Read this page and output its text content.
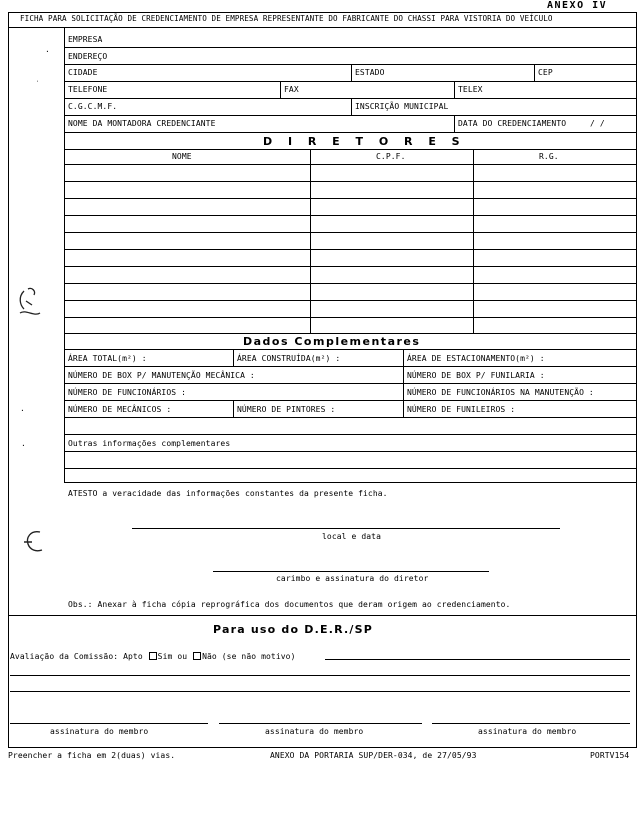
ANEXO IV
FICHA PARA SOLICITAÇÃO DE CREDENCIAMENTO DE EMPRESA REPRESENTANTE DO FABRICANTE DO CHASSI PARA VISTORIA DO VEÍCULO
EMPRESA
ENDEREÇO
CIDADE	ESTADO	CEP
TELEFONE	FAX	TELEX
C.G.C.M.F.	INSCRIÇÃO MUNICIPAL
NOME DA MONTADORA CREDENCIANTE	DATA DO CREDENCIAMENTO	/ /
D I R E T O R E S
NOME	C.P.F.	R.G.
Dados Complementares
ÁREA TOTAL(m²) :	ÁREA CONSTRUÍDA(m²) :	ÁREA DE ESTACIONAMENTO(m²) :
NÚMERO DE BOX P/ MANUTENÇÃO MECÂNICA :	NÚMERO DE BOX P/ FUNILARIA :
NÚMERO DE FUNCIONÁRIOS :	NÚMERO DE FUNCIONÁRIOS NA MANUTENÇÃO :
NÚMERO DE MECÂNICOS :	NÚMERO DE PINTORES :	NÚMERO DE FUNILEIROS :
Outras informações complementares
ATESTO a veracidade das informações constantes da presente ficha.
local e data
carimbo e assinatura do diretor
Obs.: Anexar à ficha cópia reprográfica dos documentos que deram origem ao credenciamento.
Para uso do D.E.R./SP
Avaliação da Comissão: Apto Sim ou Não (se não motivo)
assinatura do membro	assinatura do membro	assinatura do membro
Preencher a ficha em 2(duas) vias.	ANEXO DA PORTARIA SUP/DER-034, de 27/05/93	PORTV154
˙
·
·
·
